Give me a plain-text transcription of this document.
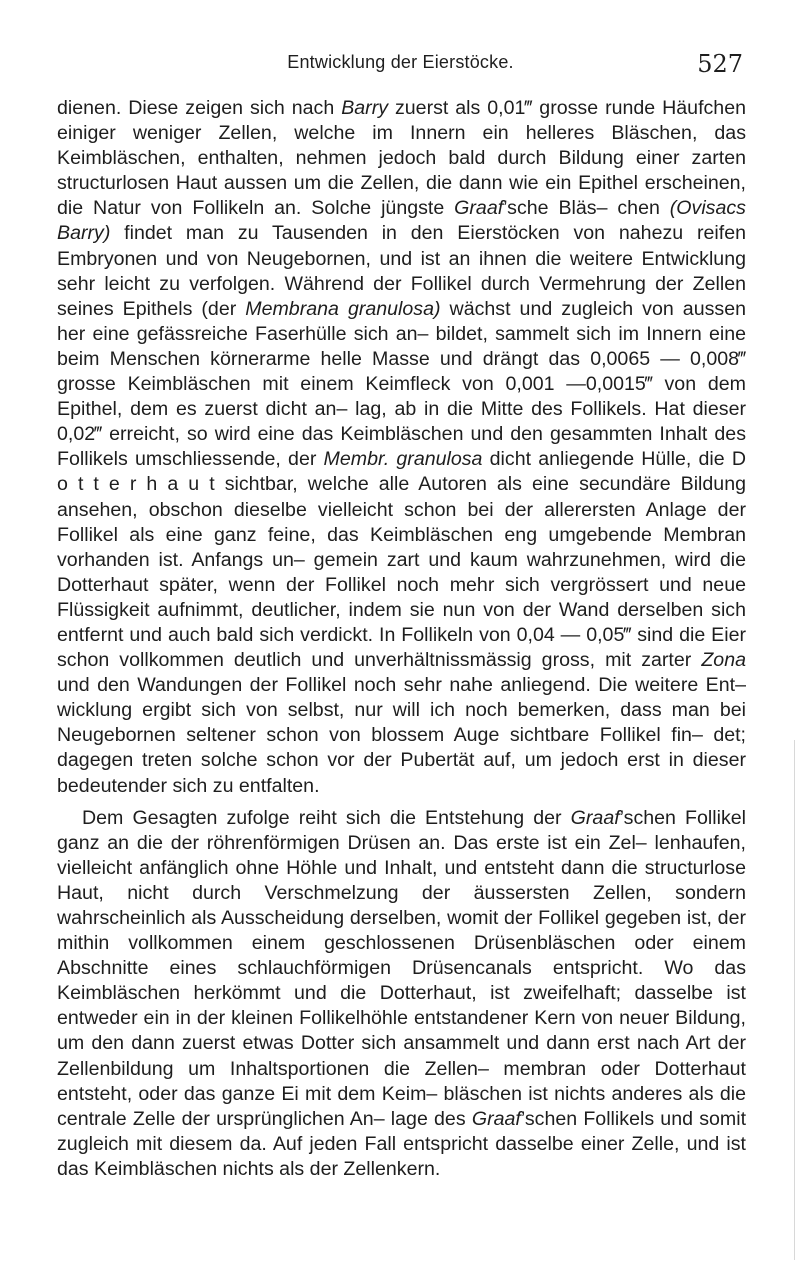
Entwicklung der Eierstöcke.	527

dienen. Diese zeigen sich nach Barry zuerst als 0,01‴ grosse runde Häufchen einiger weniger Zellen, welche im Innern ein helleres Bläschen, das Keimbläschen, enthalten, nehmen jedoch bald durch Bildung einer zarten structurlosen Haut aussen um die Zellen, die dann wie ein Epithel erscheinen, die Natur von Follikeln an. Solche jüngste Graaf’sche Bläs– chen (Ovisacs Barry) findet man zu Tausenden in den Eierstöcken von nahezu reifen Embryonen und von Neugebornen, und ist an ihnen die weitere Entwicklung sehr leicht zu verfolgen. Während der Follikel durch Vermehrung der Zellen seines Epithels (der Membrana granulosa) wächst und zugleich von aussen her eine gefässreiche Faserhülle sich an– bildet, sammelt sich im Innern eine beim Menschen körnerarme helle Masse und drängt das 0,0065 — 0,008‴ grosse Keimbläschen mit einem Keimfleck von 0,001 —0,0015‴ von dem Epithel, dem es zuerst dicht an– lag, ab in die Mitte des Follikels. Hat dieser 0,02‴ erreicht, so wird eine das Keimbläschen und den gesammten Inhalt des Follikels umschliessende, der Membr. granulosa dicht anliegende Hülle, die D o t t e r h a u t sichtbar, welche alle Autoren als eine secundäre Bildung ansehen, obschon dieselbe vielleicht schon bei der allerersten Anlage der Follikel als eine ganz feine, das Keimbläschen eng umgebende Membran vorhanden ist. Anfangs un– gemein zart und kaum wahrzunehmen, wird die Dotterhaut später, wenn der Follikel noch mehr sich vergrössert und neue Flüssigkeit aufnimmt, deutlicher, indem sie nun von der Wand derselben sich entfernt und auch bald sich verdickt. In Follikeln von 0,04 — 0,05‴ sind die Eier schon vollkommen deutlich und unverhältnissmässig gross, mit zarter Zona und den Wandungen der Follikel noch sehr nahe anliegend. Die weitere Ent– wicklung ergibt sich von selbst, nur will ich noch bemerken, dass man bei Neugebornen seltener schon von blossem Auge sichtbare Follikel fin– det; dagegen treten solche schon vor der Pubertät auf, um jedoch erst in dieser bedeutender sich zu entfalten.

Dem Gesagten zufolge reiht sich die Entstehung der Graaf’schen Follikel ganz an die der röhrenförmigen Drüsen an. Das erste ist ein Zel– lenhaufen, vielleicht anfänglich ohne Höhle und Inhalt, und entsteht dann die structurlose Haut, nicht durch Verschmelzung der äussersten Zellen, sondern wahrscheinlich als Ausscheidung derselben, womit der Follikel gegeben ist, der mithin vollkommen einem geschlossenen Drüsenbläschen oder einem Abschnitte eines schlauchförmigen Drüsencanals entspricht. Wo das Keimbläschen herkömmt und die Dotterhaut, ist zweifelhaft; dasselbe ist entweder ein in der kleinen Follikelhöhle entstandener Kern von neuer Bildung, um den dann zuerst etwas Dotter sich ansammelt und dann erst nach Art der Zellenbildung um Inhaltsportionen die Zellen– membran oder Dotterhaut entsteht, oder das ganze Ei mit dem Keim– bläschen ist nichts anderes als die centrale Zelle der ursprünglichen An– lage des Graaf’schen Follikels und somit zugleich mit diesem da. Auf jeden Fall entspricht dasselbe einer Zelle, und ist das Keimbläschen nichts als der Zellenkern.
